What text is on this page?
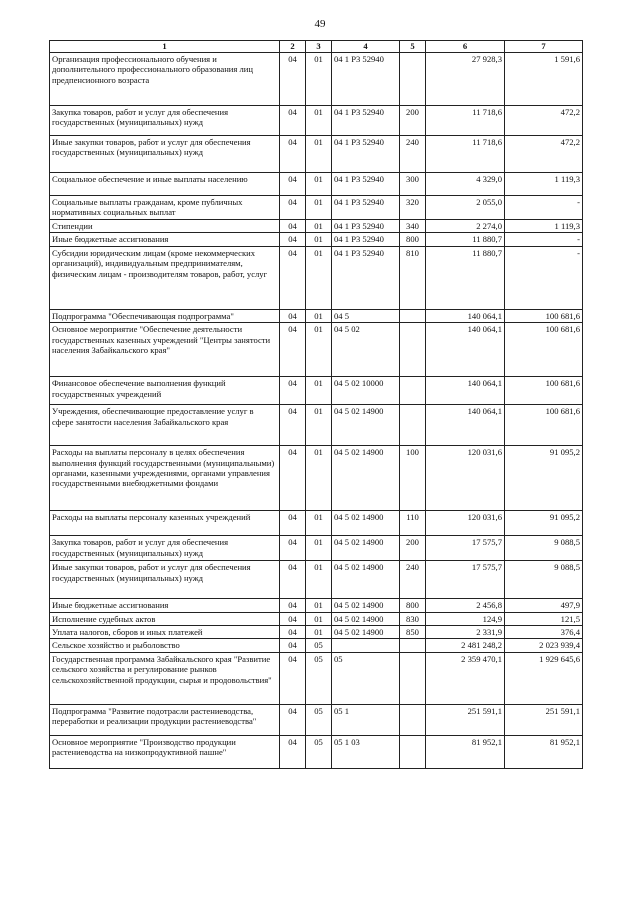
49
1	2	3	4	5	6	7
Организация профессионального обучения и дополнительного профессионального образования лиц предпенсионного возраста	04	01	04 1 P3 52940		27 928,3	1 591,6
Закупка товаров, работ и услуг для обеспечения государственных (муниципальных) нужд	04	01	04 1 P3 52940	200	11 718,6	472,2
Иные закупки товаров, работ и услуг для обеспечения государственных (муниципальных) нужд	04	01	04 1 P3 52940	240	11 718,6	472,2
Социальное обеспечение и иные выплаты населению	04	01	04 1 P3 52940	300	4 329,0	1 119,3
Социальные выплаты гражданам, кроме публичных нормативных социальных выплат	04	01	04 1 P3 52940	320	2 055,0	-
Стипендии	04	01	04 1 P3 52940	340	2 274,0	1 119,3
Иные бюджетные ассигнования	04	01	04 1 P3 52940	800	11 880,7	-
Субсидии юридическим лицам (кроме некоммерческих организаций), индивидуальным предпринимателям, физическим лицам - производителям товаров, работ, услуг	04	01	04 1 P3 52940	810	11 880,7	-
Подпрограмма "Обеспечивающая подпрограмма"	04	01	04 5		140 064,1	100 681,6
Основное мероприятие "Обеспечение деятельности государственных казенных учреждений "Центры занятости населения Забайкальского края"	04	01	04 5 02		140 064,1	100 681,6
Финансовое обеспечение выполнения функций государственных учреждений	04	01	04 5 02 10000		140 064,1	100 681,6
Учреждения, обеспечивающие предоставление услуг в сфере занятости населения Забайкальского края	04	01	04 5 02 14900		140 064,1	100 681,6
Расходы на выплаты персоналу в целях обеспечения выполнения функций государственными (муниципальными) органами, казенными учреждениями, органами управления государственными внебюджетными фондами	04	01	04 5 02 14900	100	120 031,6	91 095,2
Расходы на выплаты персоналу казенных учреждений	04	01	04 5 02 14900	110	120 031,6	91 095,2
Закупка товаров, работ и услуг для обеспечения государственных (муниципальных) нужд	04	01	04 5 02 14900	200	17 575,7	9 088,5
Иные закупки товаров, работ и услуг для обеспечения государственных (муниципальных) нужд	04	01	04 5 02 14900	240	17 575,7	9 088,5
Иные бюджетные ассигнования	04	01	04 5 02 14900	800	2 456,8	497,9
Исполнение судебных актов	04	01	04 5 02 14900	830	124,9	121,5
Уплата налогов, сборов и иных платежей	04	01	04 5 02 14900	850	2 331,9	376,4
Сельское хозяйство и рыболовство	04	05			2 481 248,2	2 023 939,4
Государственная программа Забайкальского края "Развитие сельского хозяйства и регулирование рынков сельскохозяйственной продукции, сырья и продовольствия"	04	05	05		2 359 470,1	1 929 645,6
Подпрограмма "Развитие подотрасли растениеводства, переработки и реализации продукции растениеводства"	04	05	05 1		251 591,1	251 591,1
Основное мероприятие "Производство продукции растениеводства на низкопродуктивной пашне"	04	05	05 1 03		81 952,1	81 952,1
